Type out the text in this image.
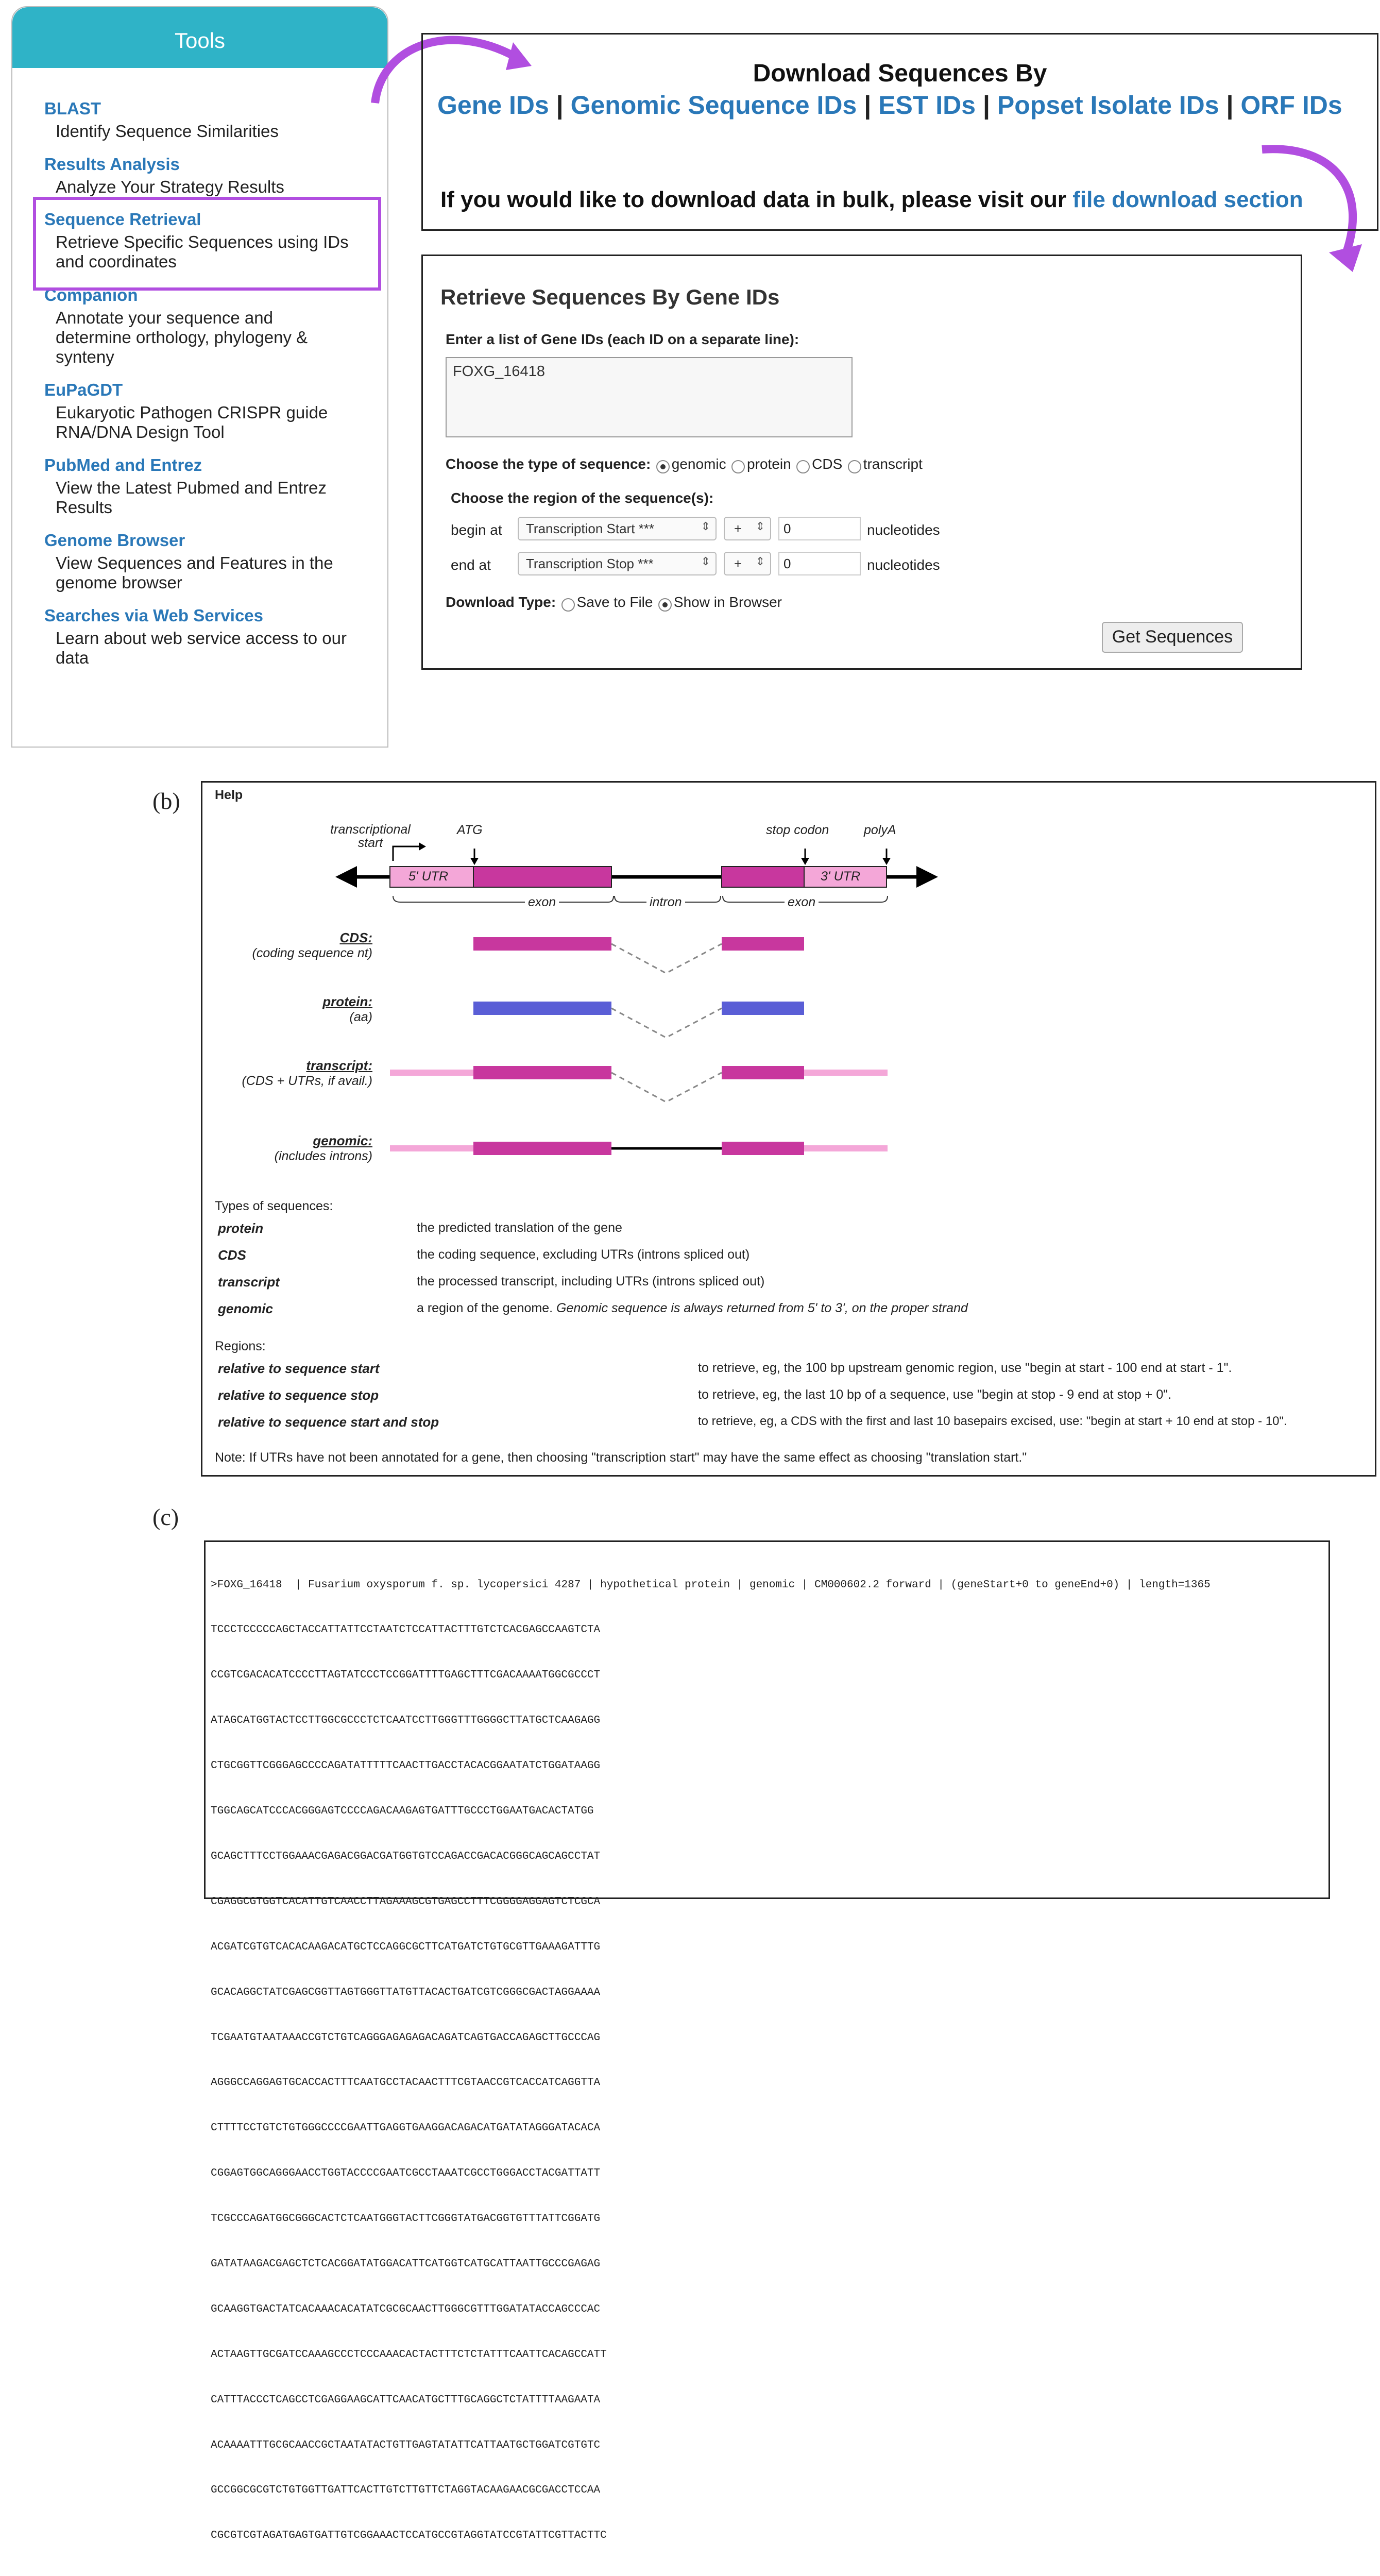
Tools
BLAST
Identify Sequence Similarities
Results Analysis
Analyze Your Strategy Results
Sequence Retrieval
Retrieve Specific Sequences using IDs
and coordinates
Companion
Annotate your sequence and
determine orthology, phylogeny &
synteny
EuPaGDT
Eukaryotic Pathogen CRISPR guide
RNA/DNA Design Tool
PubMed and Entrez
View the Latest Pubmed and Entrez
Results
Genome Browser
View Sequences and Features in the
genome browser
Searches via Web Services
Learn about web service access to our
data
Download Sequences By
Gene IDs | Genomic Sequence IDs | EST IDs | Popset Isolate IDs | ORF IDs
If you would like to download data in bulk, please visit our file download section
Retrieve Sequences By Gene IDs
Enter a list of Gene IDs (each ID on a separate line):
FOXG_16418
Choose the type of sequence: genomic protein CDS transcript
Choose the region of the sequence(s):
begin at	Transcription Start ***	⇕	+ ⇕	0	nucleotides
end at	Transcription Stop ***	⇕	+ ⇕	0	nucleotides
Download Type: Save to File Show in Browser
Get Sequences
(b)	Help
transcriptional
start
ATG	stop codon	polyA
5' UTR	3' UTR
exon	intron	exon
CDS:
(coding sequence nt)
protein:
(aa)
transcript:
(CDS + UTRs, if avail.)
genomic:
(includes introns)
Types of sequences:
protein	the predicted translation of the gene
CDS	the coding sequence, excluding UTRs (introns spliced out)
transcript	the processed transcript, including UTRs (introns spliced out)
genomic	a region of the genome. Genomic sequence is always returned from 5' to 3', on the proper strand
Regions:
relative to sequence start	to retrieve, eg, the 100 bp upstream genomic region, use "begin at start - 100 end at start - 1".
relative to sequence stop	to retrieve, eg, the last 10 bp of a sequence, use "begin at stop - 9 end at stop + 0".
relative to sequence start and stop	to retrieve, eg, a CDS with the first and last 10 basepairs excised, use: "begin at start + 10 end at stop - 10".
Note: If UTRs have not been annotated for a gene, then choosing "transcription start" may have the same effect as choosing "translation start."
(c)

>FOXG_16418  | Fusarium oxysporum f. sp. lycopersici 4287 | hypothetical protein | genomic | CM000602.2 forward | (geneStart+0 to geneEnd+0) | length=1365

TCCCTCCCCCAGCTACCATTATTCCTAATCTCCATTACTTTGTCTCACGAGCCAAGTCTA

CCGTCGACACATCCCCTTAGTATCCCTCCGGATTTTGAGCTTTCGACAAAATGGCGCCCT

ATAGCATGGTACTCCTTGGCGCCCTCTCAATCCTTGGGTTTGGGGCTTATGCTCAAGAGG

CTGCGGTTCGGGAGCCCCAGATATTTTTCAACTTGACCTACACGGAATATCTGGATAAGG

TGGCAGCATCCCACGGGAGTCCCCAGACAAGAGTGATTTGCCCTGGAATGACACTATGG

GCAGCTTTCCTGGAAACGAGACGGACGATGGTGTCCAGACCGACACGGGCAGCAGCCTAT

CGAGGCGTGGTCACATTGTCAACCTTAGAAAGCGTGAGCCTTTCGGGGAGGAGTCTCGCA

ACGATCGTGTCACACAAGACATGCTCCAGGCGCTTCATGATCTGTGCGTTGAAAGATTTG

GCACAGGCTATCGAGCGGTTAGTGGGTTATGTTACACTGATCGTCGGGCGACTAGGAAAA

TCGAATGTAATAAACCGTCTGTCAGGGAGAGAGACAGATCAGTGACCAGAGCTTGCCCAG

AGGGCCAGGAGTGCACCACTTTCAATGCCTACAACTTTCGTAACCGTCACCATCAGGTTA

CTTTTCCTGTCTGTGGGCCCCGAATTGAGGTGAAGGACAGACATGATATAGGGATACACA

CGGAGTGGCAGGGAACCTGGTACCCCGAATCGCCTAAATCGCCTGGGACCTACGATTATT

TCGCCCAGATGGCGGGCACTCTCAATGGGTACTTCGGGTATGACGGTGTTTATTCGGATG

GATATAAGACGAGCTCTCACGGATATGGACATTCATGGTCATGCATTAATTGCCCGAGAG

GCAAGGTGACTATCACAAACACATATCGCGCAACTTGGGCGTTTGGATATACCAGCCCAC

ACTAAGTTGCGATCCAAAGCCCTCCCAAACACTACTTTCTCTATTTCAATTCACAGCCATT

CATTTACCCTCAGCCTCGAGGAAGCATTCAACATGCTTTGCAGGCTCTATTTTAAGAATA

ACAAAATTTGCGCAACCGCTAATATACTGTTGAGTATATTCATTAATGCTGGATCGTGTC

GCCGGCGCGTCTGTGGTTGATTCACTTGTCTTGTTCTAGGTACAAGAACGCGACCTCCAA

CGCGTCGTAGATGAGTGATTGTCGGAAACTCCATGCCGTAGGTATCCGTATTCGTTACTTC
